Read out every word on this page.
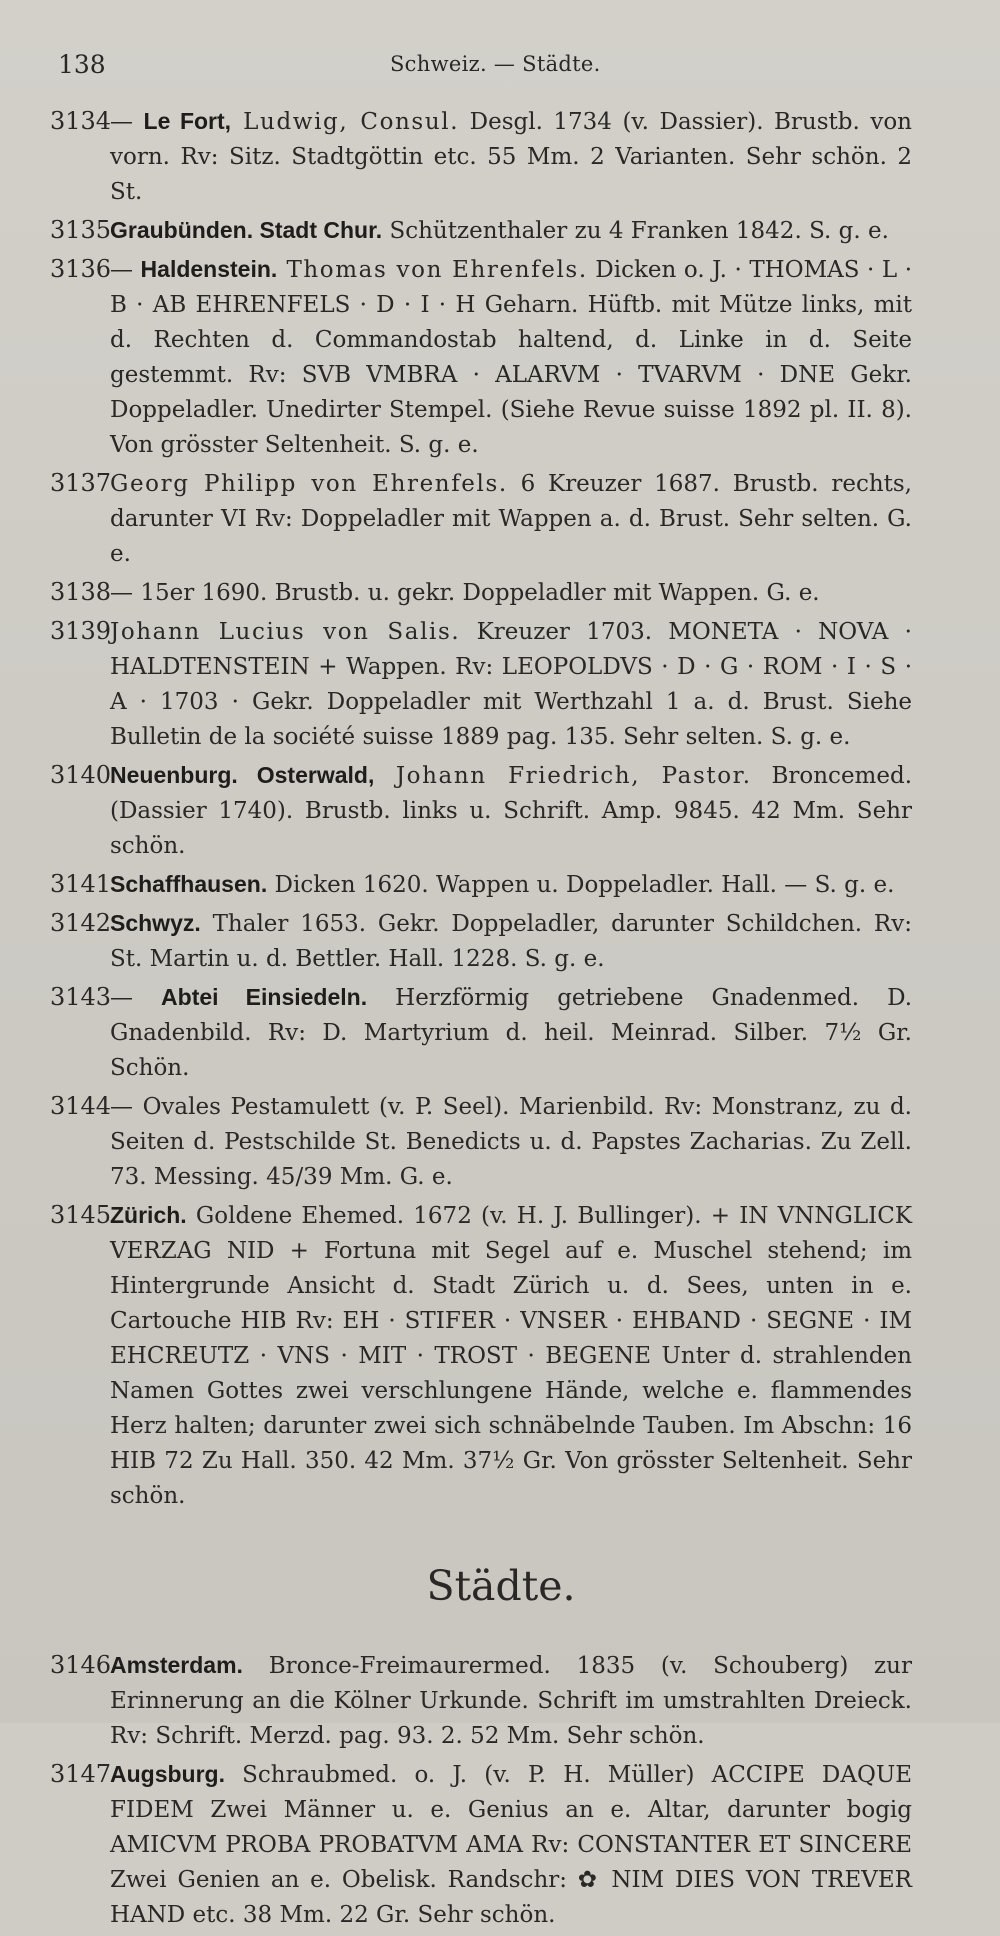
138	Schweiz. — Städte.
3134
— Le Fort, Ludwig, Consul. Desgl. 1734 (v. Dassier). Brustb. von vorn. Rv: Sitz. Stadtgöttin etc. 55 Mm. 2 Varianten. Sehr schön. 2 St.
3135
Graubünden. Stadt Chur. Schützenthaler zu 4 Franken 1842. S. g. e.
3136
— Haldenstein. Thomas von Ehrenfels. Dicken o. J. · THOMAS · L · B · AB EHRENFELS · D · I · H Geharn. Hüftb. mit Mütze links, mit d. Rechten d. Commandostab haltend, d. Linke in d. Seite gestemmt. Rv: SVB VMBRA · ALARVM · TVARVM · DNE Gekr. Doppeladler. Unedirter Stempel. (Siehe Revue suisse 1892 pl. II. 8). Von grösster Seltenheit. S. g. e.
3137
Georg Philipp von Ehrenfels. 6 Kreuzer 1687. Brustb. rechts, darunter VI Rv: Doppeladler mit Wappen a. d. Brust. Sehr selten. G. e.
3138
— 15er 1690. Brustb. u. gekr. Doppeladler mit Wappen. G. e.
3139
Johann Lucius von Salis. Kreuzer 1703. MONETA · NOVA · HALDTENSTEIN + Wappen. Rv: LEOPOLDVS · D · G · ROM · I · S · A · 1703 · Gekr. Doppeladler mit Werthzahl 1 a. d. Brust. Siehe Bulletin de la société suisse 1889 pag. 135. Sehr selten. S. g. e.
3140
Neuenburg. Osterwald, Johann Friedrich, Pastor. Broncemed. (Dassier 1740). Brustb. links u. Schrift. Amp. 9845. 42 Mm. Sehr schön.
3141
Schaffhausen. Dicken 1620. Wappen u. Doppeladler. Hall. — S. g. e.
3142
Schwyz. Thaler 1653. Gekr. Doppeladler, darunter Schildchen. Rv: St. Martin u. d. Bettler. Hall. 1228. S. g. e.
3143
— Abtei Einsiedeln. Herzförmig getriebene Gnadenmed. D. Gnadenbild. Rv: D. Martyrium d. heil. Meinrad. Silber. 7½ Gr. Schön.
3144
— Ovales Pestamulett (v. P. Seel). Marienbild. Rv: Monstranz, zu d. Seiten d. Pestschilde St. Benedicts u. d. Papstes Zacharias. Zu Zell. 73. Messing. 45/39 Mm. G. e.
3145
Zürich. Goldene Ehemed. 1672 (v. H. J. Bullinger). + IN VNNGLICK VERZAG NID + Fortuna mit Segel auf e. Muschel stehend; im Hintergrunde Ansicht d. Stadt Zürich u. d. Sees, unten in e. Cartouche HIB Rv: EH · STIFER · VNSER · EHBAND · SEGNE · IM EHCREUTZ · VNS · MIT · TROST · BEGENE Unter d. strahlenden Namen Gottes zwei verschlungene Hände, welche e. flammendes Herz halten; darunter zwei sich schnäbelnde Tauben. Im Abschn: 16 HIB 72 Zu Hall. 350. 42 Mm. 37½ Gr. Von grösster Seltenheit. Sehr schön.
Städte.
3146
Amsterdam. Bronce-Freimaurermed. 1835 (v. Schouberg) zur Erinnerung an die Kölner Urkunde. Schrift im umstrahlten Dreieck. Rv: Schrift. Merzd. pag. 93. 2. 52 Mm. Sehr schön.
3147
Augsburg. Schraubmed. o. J. (v. P. H. Müller) ACCIPE DAQUE FIDEM Zwei Männer u. e. Genius an e. Altar, darunter bogig AMICVM PROBA PROBATVM AMA Rv: CONSTANTER ET SINCERE Zwei Genien an e. Obelisk. Randschr: ✿ NIM DIES VON TREVER HAND etc. 38 Mm. 22 Gr. Sehr schön.
